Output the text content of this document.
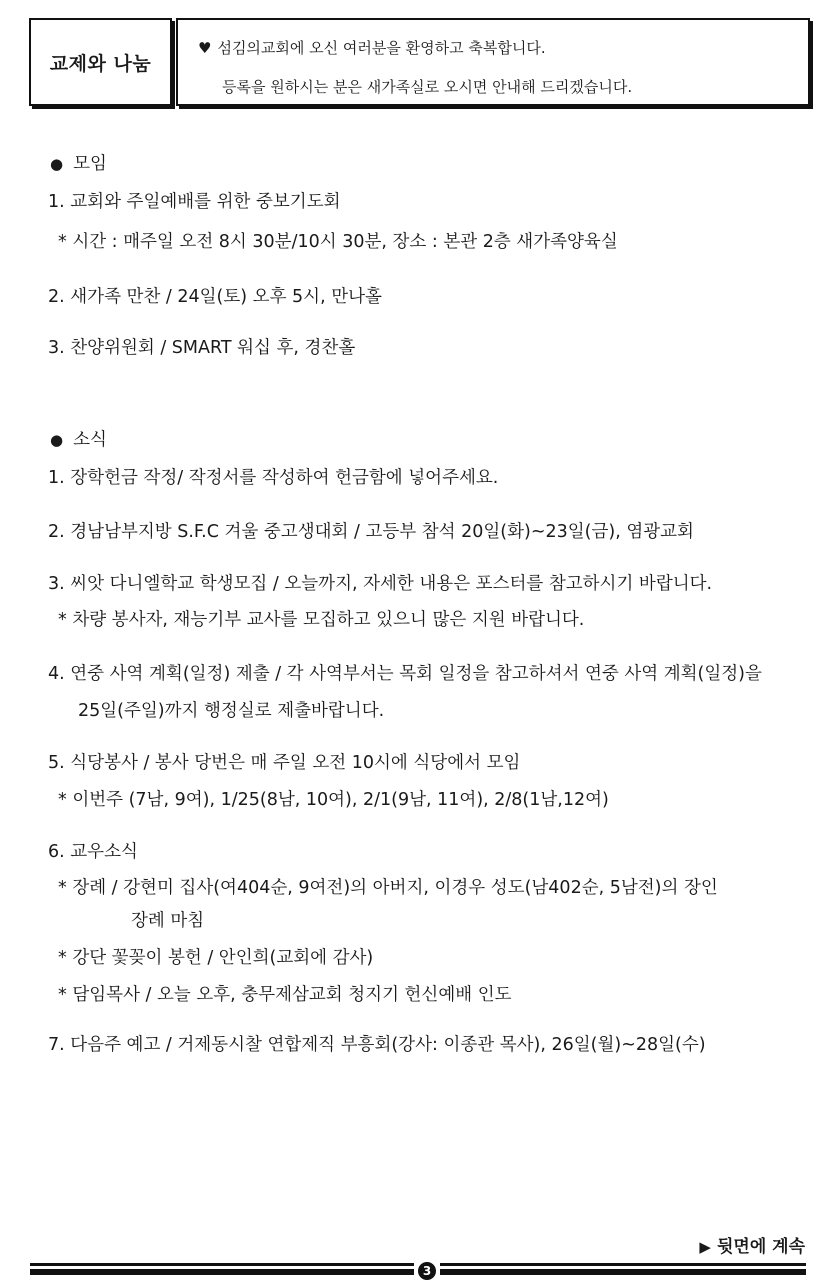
교제와 나눔
♥ 섬김의교회에 오신 여러분을 환영하고 축복합니다.
등록을 원하시는 분은 새가족실로 오시면 안내해 드리겠습니다.
● 모임
1. 교회와 주일예배를 위한 중보기도회
* 시간 : 매주일 오전 8시 30분/10시 30분, 장소 : 본관 2층 새가족양육실
2. 새가족 만찬 / 24일(토) 오후 5시, 만나홀
3. 찬양위원회 / SMART 워십 후, 경찬홀
● 소식
1. 장학헌금 작정/ 작정서를 작성하여 헌금함에 넣어주세요.
2. 경남남부지방 S.F.C 겨울 중고생대회 / 고등부 참석 20일(화)~23일(금), 염광교회
3. 씨앗 다니엘학교 학생모집 / 오늘까지, 자세한 내용은 포스터를 참고하시기 바랍니다.
* 차량 봉사자, 재능기부 교사를 모집하고 있으니 많은 지원 바랍니다.
4. 연중 사역 계획(일정) 제출 / 각 사역부서는 목회 일정을 참고하셔서 연중 사역 계획(일정)을
25일(주일)까지 행정실로 제출바랍니다.
5. 식당봉사 / 봉사 당번은 매 주일 오전 10시에 식당에서 모임
* 이번주 (7남, 9여), 1/25(8남, 10여), 2/1(9남, 11여), 2/8(1남,12여)
6. 교우소식
* 장례 / 강현미 집사(여404순, 9여전)의 아버지, 이경우 성도(남402순, 5남전)의 장인
장례 마침
* 강단 꽃꽂이 봉헌 / 안인희(교회에 감사)
* 담임목사 / 오늘 오후, 충무제삼교회 청지기 헌신예배 인도
7. 다음주 예고 / 거제동시찰 연합제직 부흥회(강사: 이종관 목사), 26일(월)~28일(수)
▶ 뒷면에 계속
3
